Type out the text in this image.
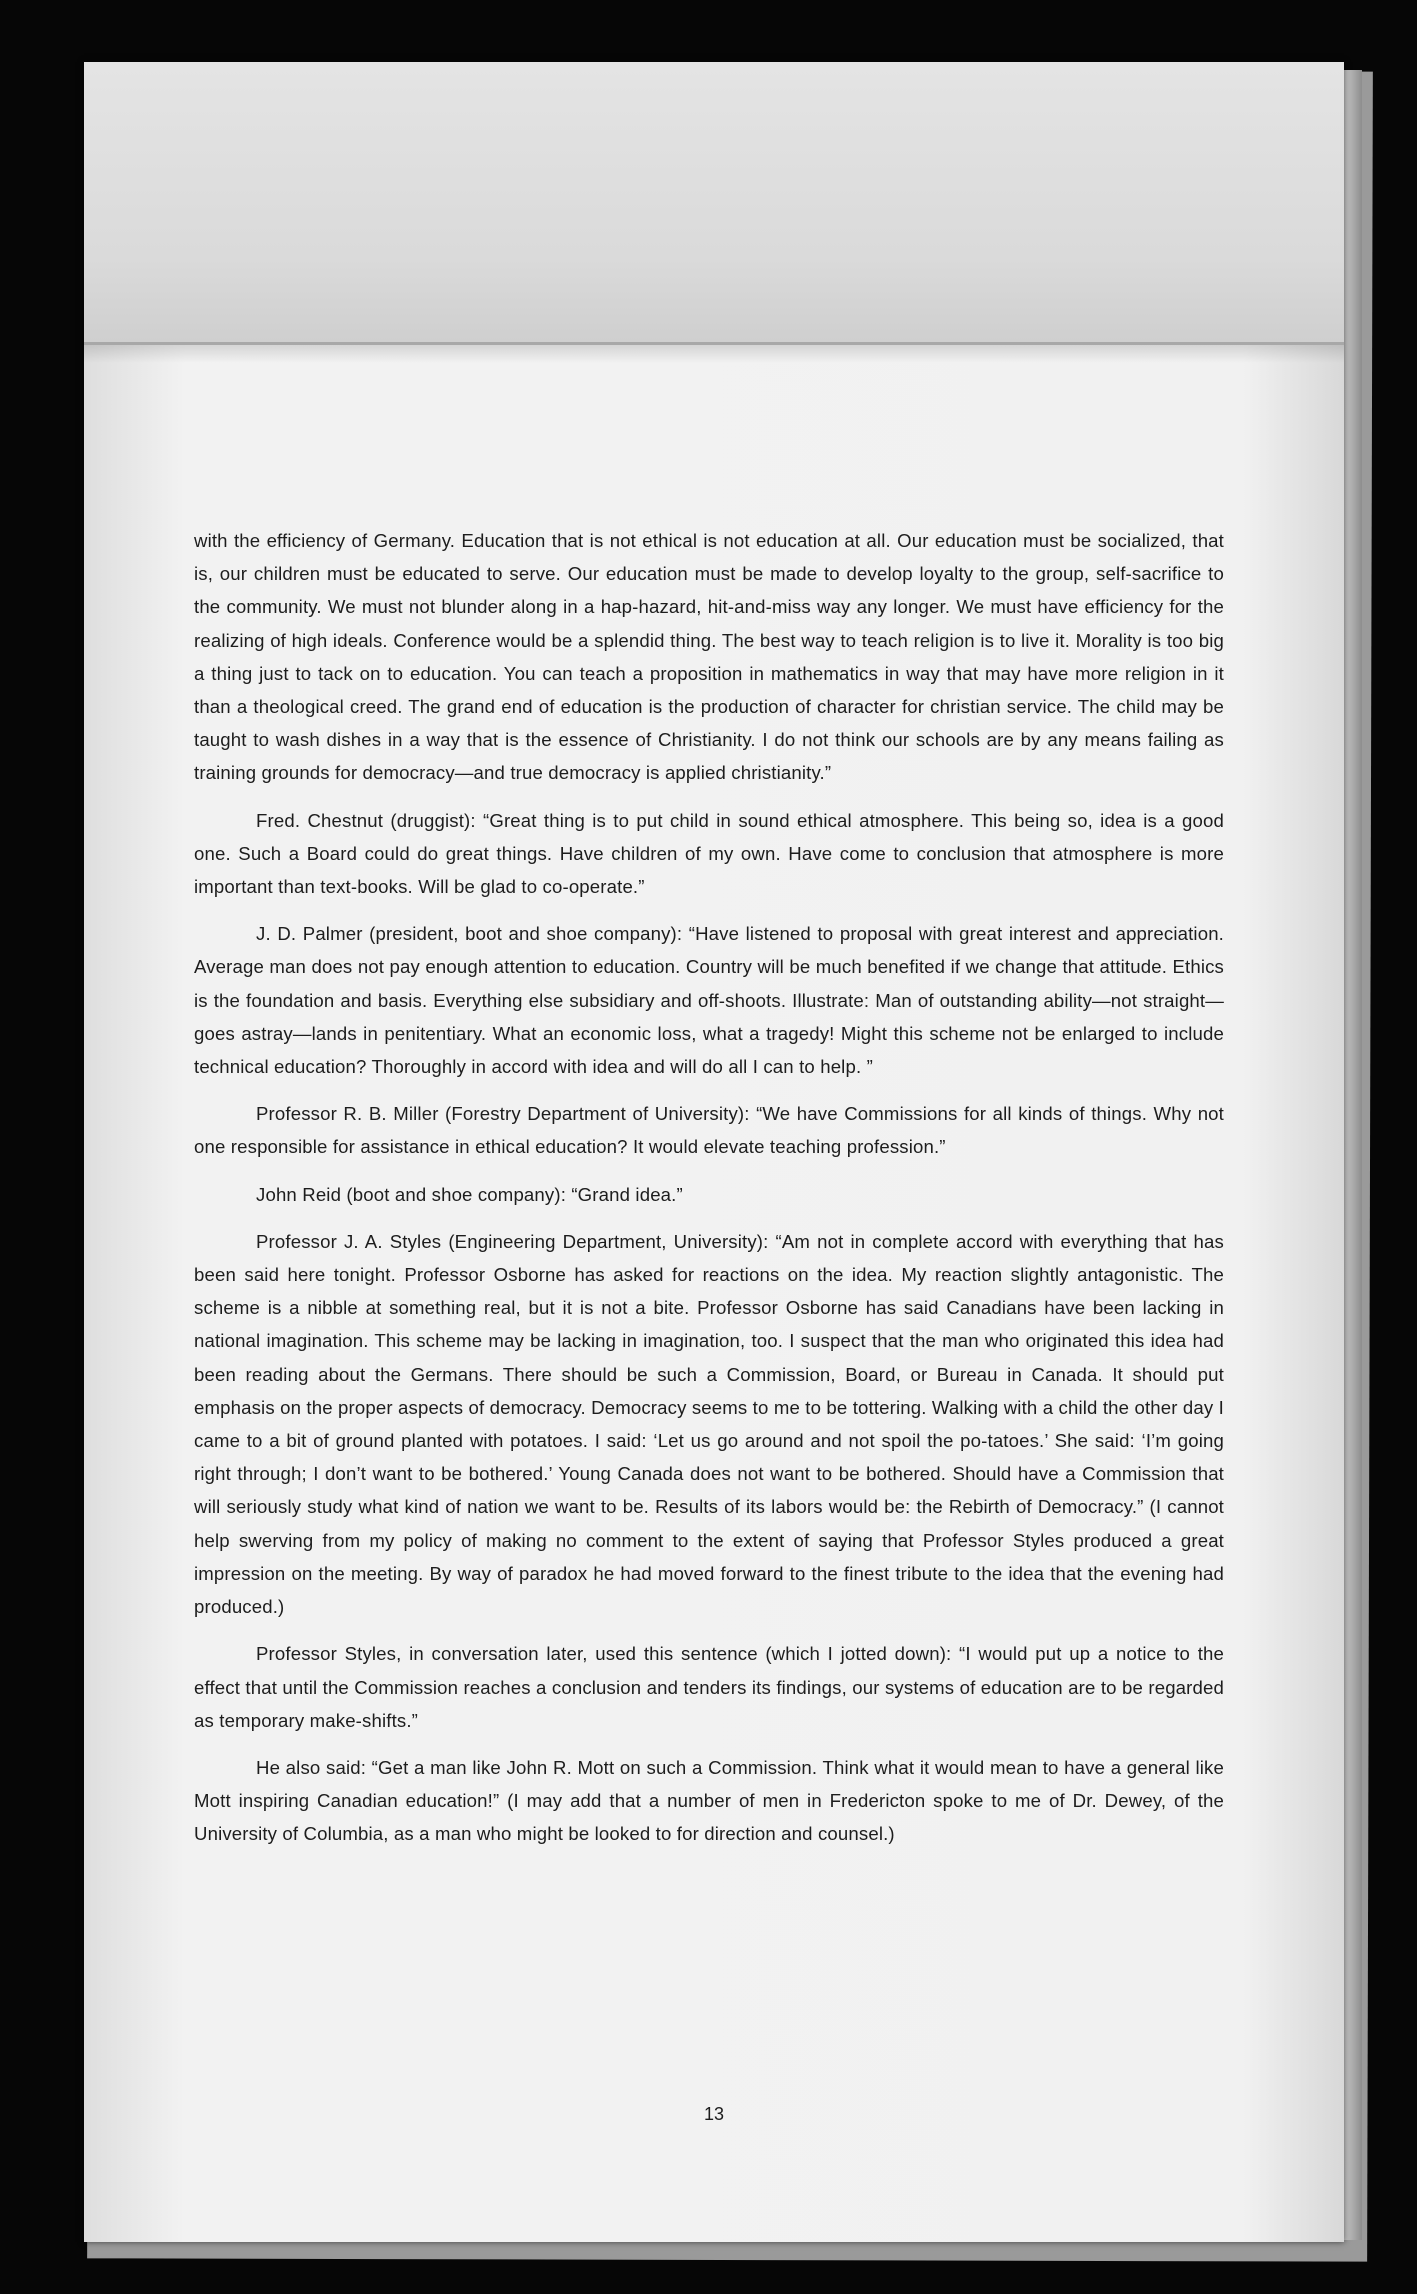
with the efficiency of Germany. Education that is not ethical is not education at all. Our education must be socialized, that is, our children must be educated to serve. Our education must be made to develop loyalty to the group, self-sacrifice to the community. We must not blunder along in a hap-hazard, hit-and-miss way any longer. We must have efficiency for the realizing of high ideals. Conference would be a splendid thing. The best way to teach religion is to live it. Morality is too big a thing just to tack on to education. You can teach a proposition in mathematics in way that may have more religion in it than a theological creed. The grand end of education is the production of character for christian service. The child may be taught to wash dishes in a way that is the essence of Christianity. I do not think our schools are by any means failing as training grounds for democracy—and true democracy is applied christianity.”

Fred. Chestnut (druggist): “Great thing is to put child in sound ethical atmosphere. This being so, idea is a good one. Such a Board could do great things. Have children of my own. Have come to conclusion that atmosphere is more important than text-books. Will be glad to co-operate.”

J. D. Palmer (president, boot and shoe company): “Have listened to proposal with great interest and appreciation. Average man does not pay enough attention to education. Country will be much benefited if we change that attitude. Ethics is the foundation and basis. Everything else subsidiary and off-shoots. Illustrate: Man of outstanding ability—not straight—goes astray—lands in penitentiary. What an economic loss, what a tragedy! Might this scheme not be enlarged to include technical education? Thoroughly in accord with idea and will do all I can to help. ”

Professor R. B. Miller (Forestry Department of University): “We have Commissions for all kinds of things. Why not one responsible for assistance in ethical education? It would elevate teaching profession.”

John Reid (boot and shoe company): “Grand idea.”

Professor J. A. Styles (Engineering Department, University): “Am not in complete accord with everything that has been said here tonight. Professor Osborne has asked for reactions on the idea. My reaction slightly antagonistic. The scheme is a nibble at something real, but it is not a bite. Professor Osborne has said Canadians have been lacking in national imagination. This scheme may be lacking in imagination, too. I suspect that the man who originated this idea had been reading about the Germans. There should be such a Commission, Board, or Bureau in Canada. It should put emphasis on the proper aspects of democracy. Democracy seems to me to be tottering. Walking with a child the other day I came to a bit of ground planted with potatoes. I said: ‘Let us go around and not spoil the po-tatoes.’ She said: ‘I’m going right through; I don’t want to be bothered.’ Young Canada does not want to be bothered. Should have a Commission that will seriously study what kind of nation we want to be. Results of its labors would be: the Rebirth of Democracy.” (I cannot help swerving from my policy of making no comment to the extent of saying that Professor Styles produced a great impression on the meeting. By way of paradox he had moved forward to the finest tribute to the idea that the evening had produced.)

Professor Styles, in conversation later, used this sentence (which I jotted down): “I would put up a notice to the effect that until the Commission reaches a conclusion and tenders its findings, our systems of education are to be regarded as temporary make-shifts.”

He also said: “Get a man like John R. Mott on such a Commission. Think what it would mean to have a general like Mott inspiring Canadian education!” (I may add that a number of men in Fredericton spoke to me of Dr. Dewey, of the University of Columbia, as a man who might be looked to for direction and counsel.)

13
